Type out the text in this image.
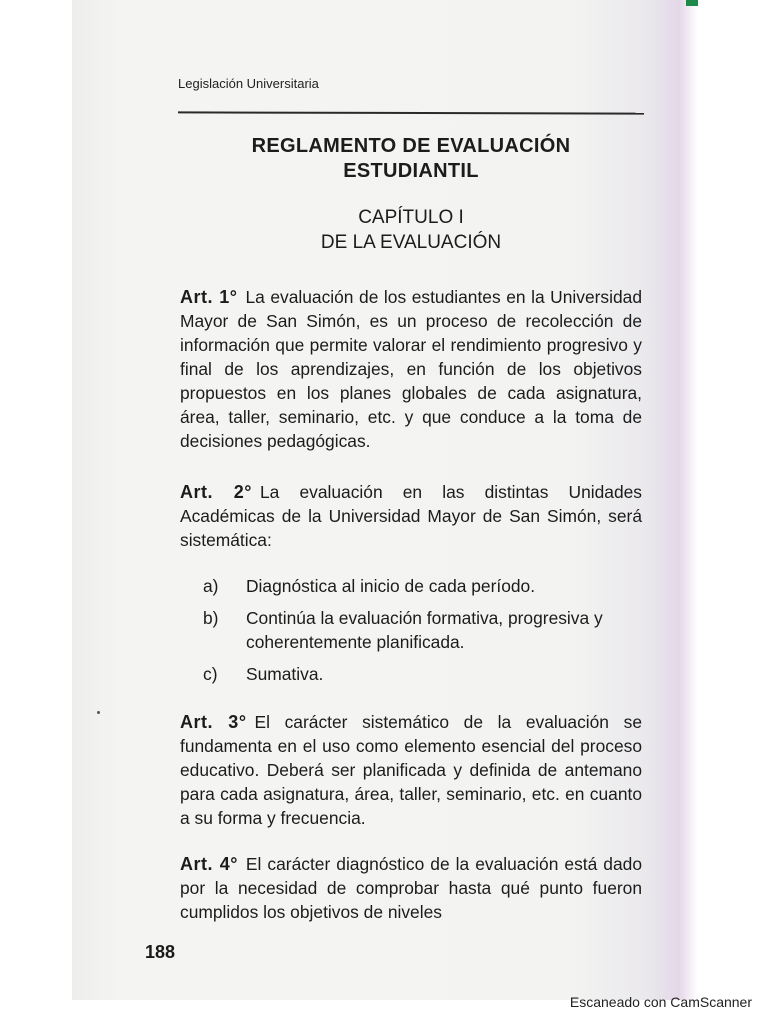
Legislación Universitaria
REGLAMENTO DE EVALUACIÓN
ESTUDIANTIL
CAPÍTULO I
DE LA EVALUACIÓN

Art. 1° La evaluación de los estudiantes en la Universidad Mayor de San Simón, es un proceso de recolección de información que permite valorar el rendimiento progresivo y final de los aprendizajes, en función de los objetivos propuestos en los planes globales de cada asignatura, área, taller, seminario, etc. y que conduce a la toma de decisiones pedagógicas.

Art. 2° La evaluación en las distintas Unidades Académicas de la Universidad Mayor de San Simón, será sistemática:

a)	Diagnóstica al inicio de cada período.
b)	Continúa la evaluación formativa, progresiva y coherentemente planificada.
c)	Sumativa.

Art. 3° El carácter sistemático de la evaluación se fundamenta en el uso como elemento esencial del proceso educativo. Deberá ser planificada y definida de antemano para cada asignatura, área, taller, seminario, etc. en cuanto a su forma y frecuencia.

Art. 4° El carácter diagnóstico de la evaluación está dado por la necesidad de comprobar hasta qué punto fueron cumplidos los objetivos de niveles

188
Escaneado con CamScanner
